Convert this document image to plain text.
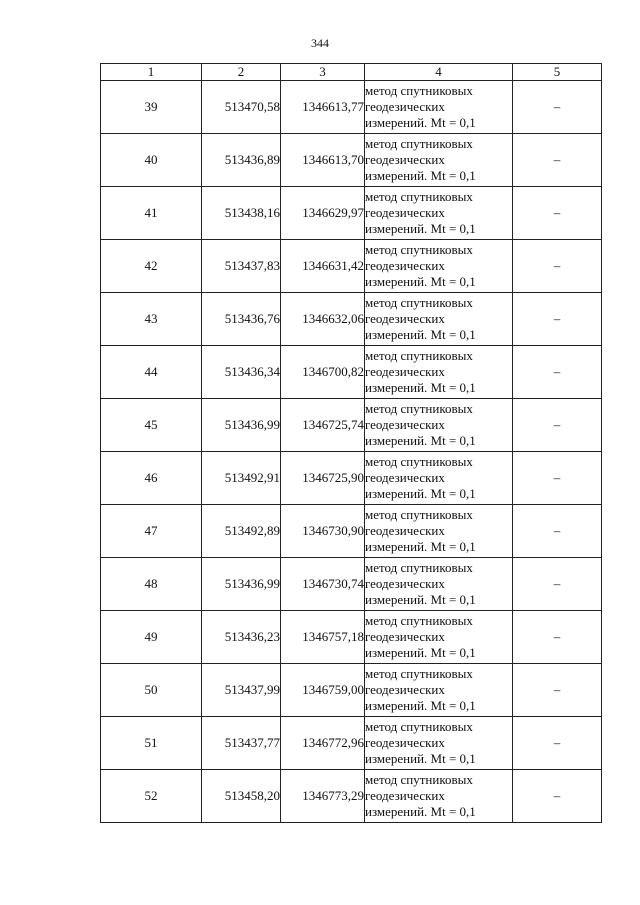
344
1	2	3	4	5
39	513470,58	1346613,77	метод спутниковых
геодезических
измерений. Mt = 0,1	–
40	513436,89	1346613,70	метод спутниковых
геодезических
измерений. Mt = 0,1	–
41	513438,16	1346629,97	метод спутниковых
геодезических
измерений. Mt = 0,1	–
42	513437,83	1346631,42	метод спутниковых
геодезических
измерений. Mt = 0,1	–
43	513436,76	1346632,06	метод спутниковых
геодезических
измерений. Mt = 0,1	–
44	513436,34	1346700,82	метод спутниковых
геодезических
измерений. Mt = 0,1	–
45	513436,99	1346725,74	метод спутниковых
геодезических
измерений. Mt = 0,1	–
46	513492,91	1346725,90	метод спутниковых
геодезических
измерений. Mt = 0,1	–
47	513492,89	1346730,90	метод спутниковых
геодезических
измерений. Mt = 0,1	–
48	513436,99	1346730,74	метод спутниковых
геодезических
измерений. Mt = 0,1	–
49	513436,23	1346757,18	метод спутниковых
геодезических
измерений. Mt = 0,1	–
50	513437,99	1346759,00	метод спутниковых
геодезических
измерений. Mt = 0,1	–
51	513437,77	1346772,96	метод спутниковых
геодезических
измерений. Mt = 0,1	–
52	513458,20	1346773,29	метод спутниковых
геодезических
измерений. Mt = 0,1	–
